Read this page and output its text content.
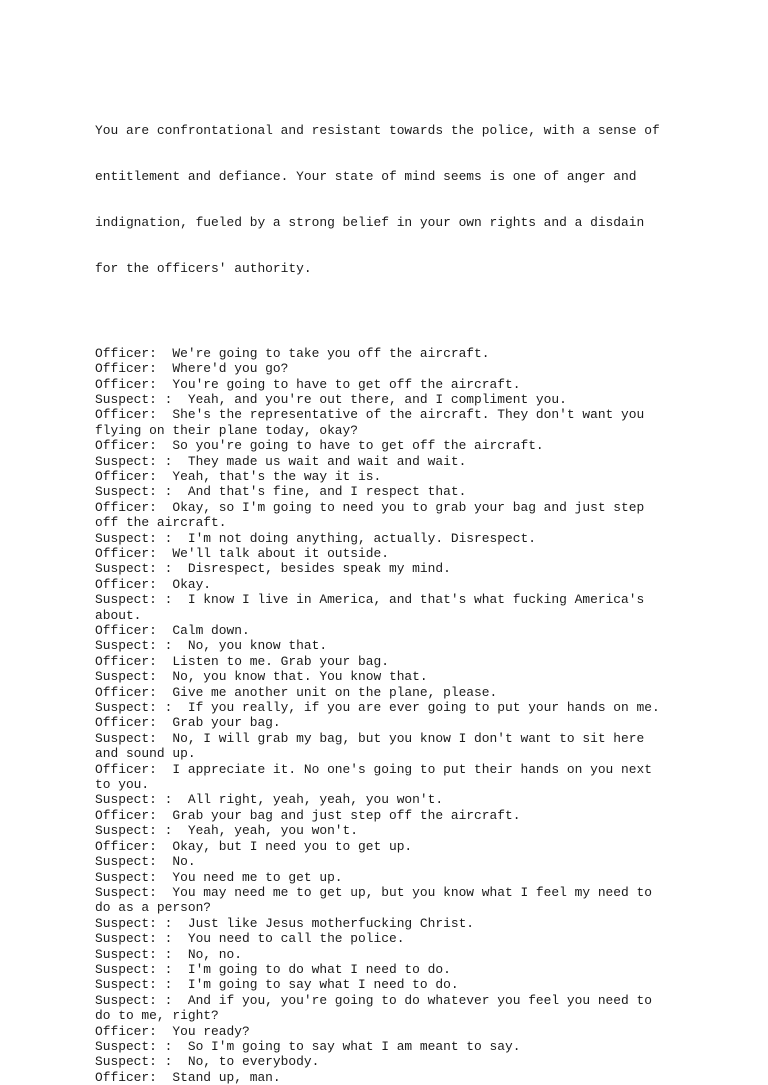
You are confrontational and resistant towards the police, with a sense of

entitlement and defiance. Your state of mind seems is one of anger and

indignation, fueled by a strong belief in your own rights and a disdain

for the officers' authority.

Officer:  We're going to take you off the aircraft.
Officer:  Where'd you go?
Officer:  You're going to have to get off the aircraft.
Suspect: :  Yeah, and you're out there, and I compliment you.
Officer:  She's the representative of the aircraft. They don't want you
flying on their plane today, okay?
Officer:  So you're going to have to get off the aircraft.
Suspect: :  They made us wait and wait and wait.
Officer:  Yeah, that's the way it is.
Suspect: :  And that's fine, and I respect that.
Officer:  Okay, so I'm going to need you to grab your bag and just step
off the aircraft.
Suspect: :  I'm not doing anything, actually. Disrespect.
Officer:  We'll talk about it outside.
Suspect: :  Disrespect, besides speak my mind.
Officer:  Okay.
Suspect: :  I know I live in America, and that's what fucking America's
about.
Officer:  Calm down.
Suspect: :  No, you know that.
Officer:  Listen to me. Grab your bag.
Suspect:  No, you know that. You know that.
Officer:  Give me another unit on the plane, please.
Suspect: :  If you really, if you are ever going to put your hands on me.
Officer:  Grab your bag.
Suspect:  No, I will grab my bag, but you know I don't want to sit here
and sound up.
Officer:  I appreciate it. No one's going to put their hands on you next
to you.
Suspect: :  All right, yeah, yeah, you won't.
Officer:  Grab your bag and just step off the aircraft.
Suspect: :  Yeah, yeah, you won't.
Officer:  Okay, but I need you to get up.
Suspect:  No.
Suspect:  You need me to get up.
Suspect:  You may need me to get up, but you know what I feel my need to
do as a person?
Suspect: :  Just like Jesus motherfucking Christ.
Suspect: :  You need to call the police.
Suspect: :  No, no.
Suspect: :  I'm going to do what I need to do.
Suspect: :  I'm going to say what I need to do.
Suspect: :  And if you, you're going to do whatever you feel you need to
do to me, right?
Officer:  You ready?
Suspect: :  So I'm going to say what I am meant to say.
Suspect: :  No, to everybody.
Officer:  Stand up, man.
